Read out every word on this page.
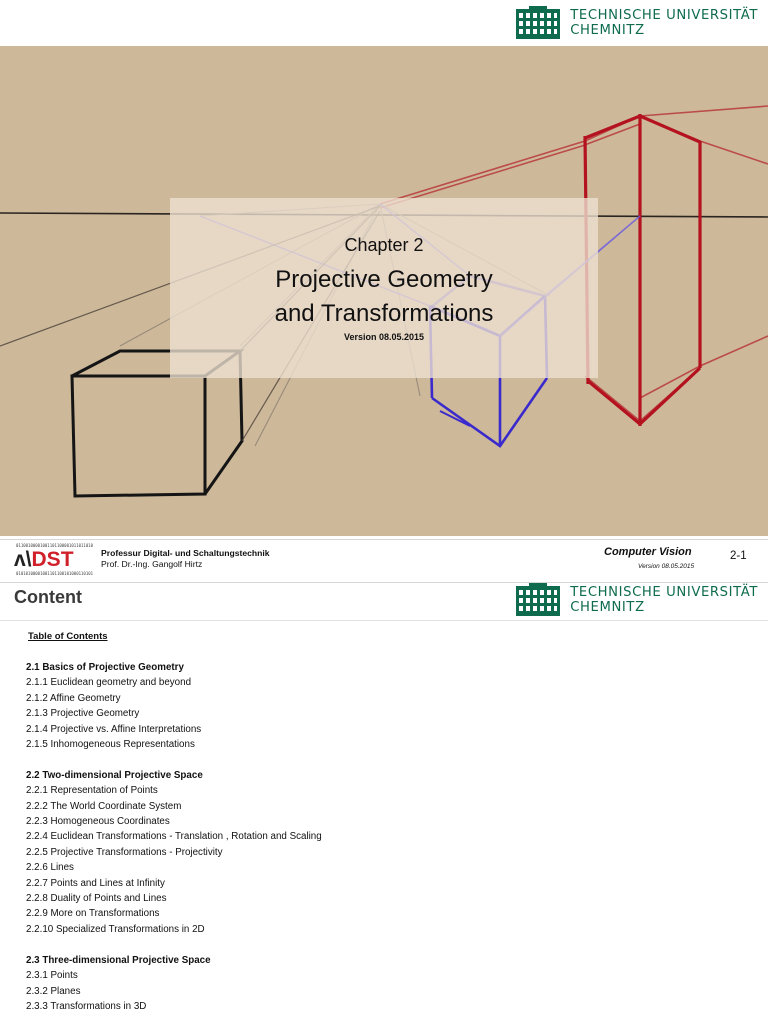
TECHNISCHE UNIVERSITÄT
CHEMNITZ
Chapter 2
Projective Geometry
and Transformations
Version 08.05.2015
01100100001001101100001011011010
ʌ\DST
01010100001001101100101000110101
Professur Digital- und Schaltungstechnik
Prof. Dr.-Ing. Gangolf Hirtz
Computer Vision	2-1
Version 08.05.2015
Content	TECHNISCHE UNIVERSITÄT
CHEMNITZ
Table of Contents
2.1 Basics of Projective Geometry
2.1.1 Euclidean geometry and beyond
2.1.2 Affine Geometry
2.1.3 Projective Geometry
2.1.4 Projective vs. Affine Interpretations
2.1.5 Inhomogeneous Representations
2.2 Two-dimensional Projective Space
2.2.1 Representation of Points
2.2.2 The World Coordinate System
2.2.3 Homogeneous Coordinates
2.2.4 Euclidean Transformations - Translation , Rotation and Scaling
2.2.5 Projective Transformations - Projectivity
2.2.6 Lines
2.2.7 Points and Lines at Infinity
2.2.8 Duality of Points and Lines
2.2.9 More on Transformations
2.2.10 Specialized Transformations in 2D
2.3 Three-dimensional Projective Space
2.3.1 Points
2.3.2 Planes
2.3.3 Transformations in 3D
